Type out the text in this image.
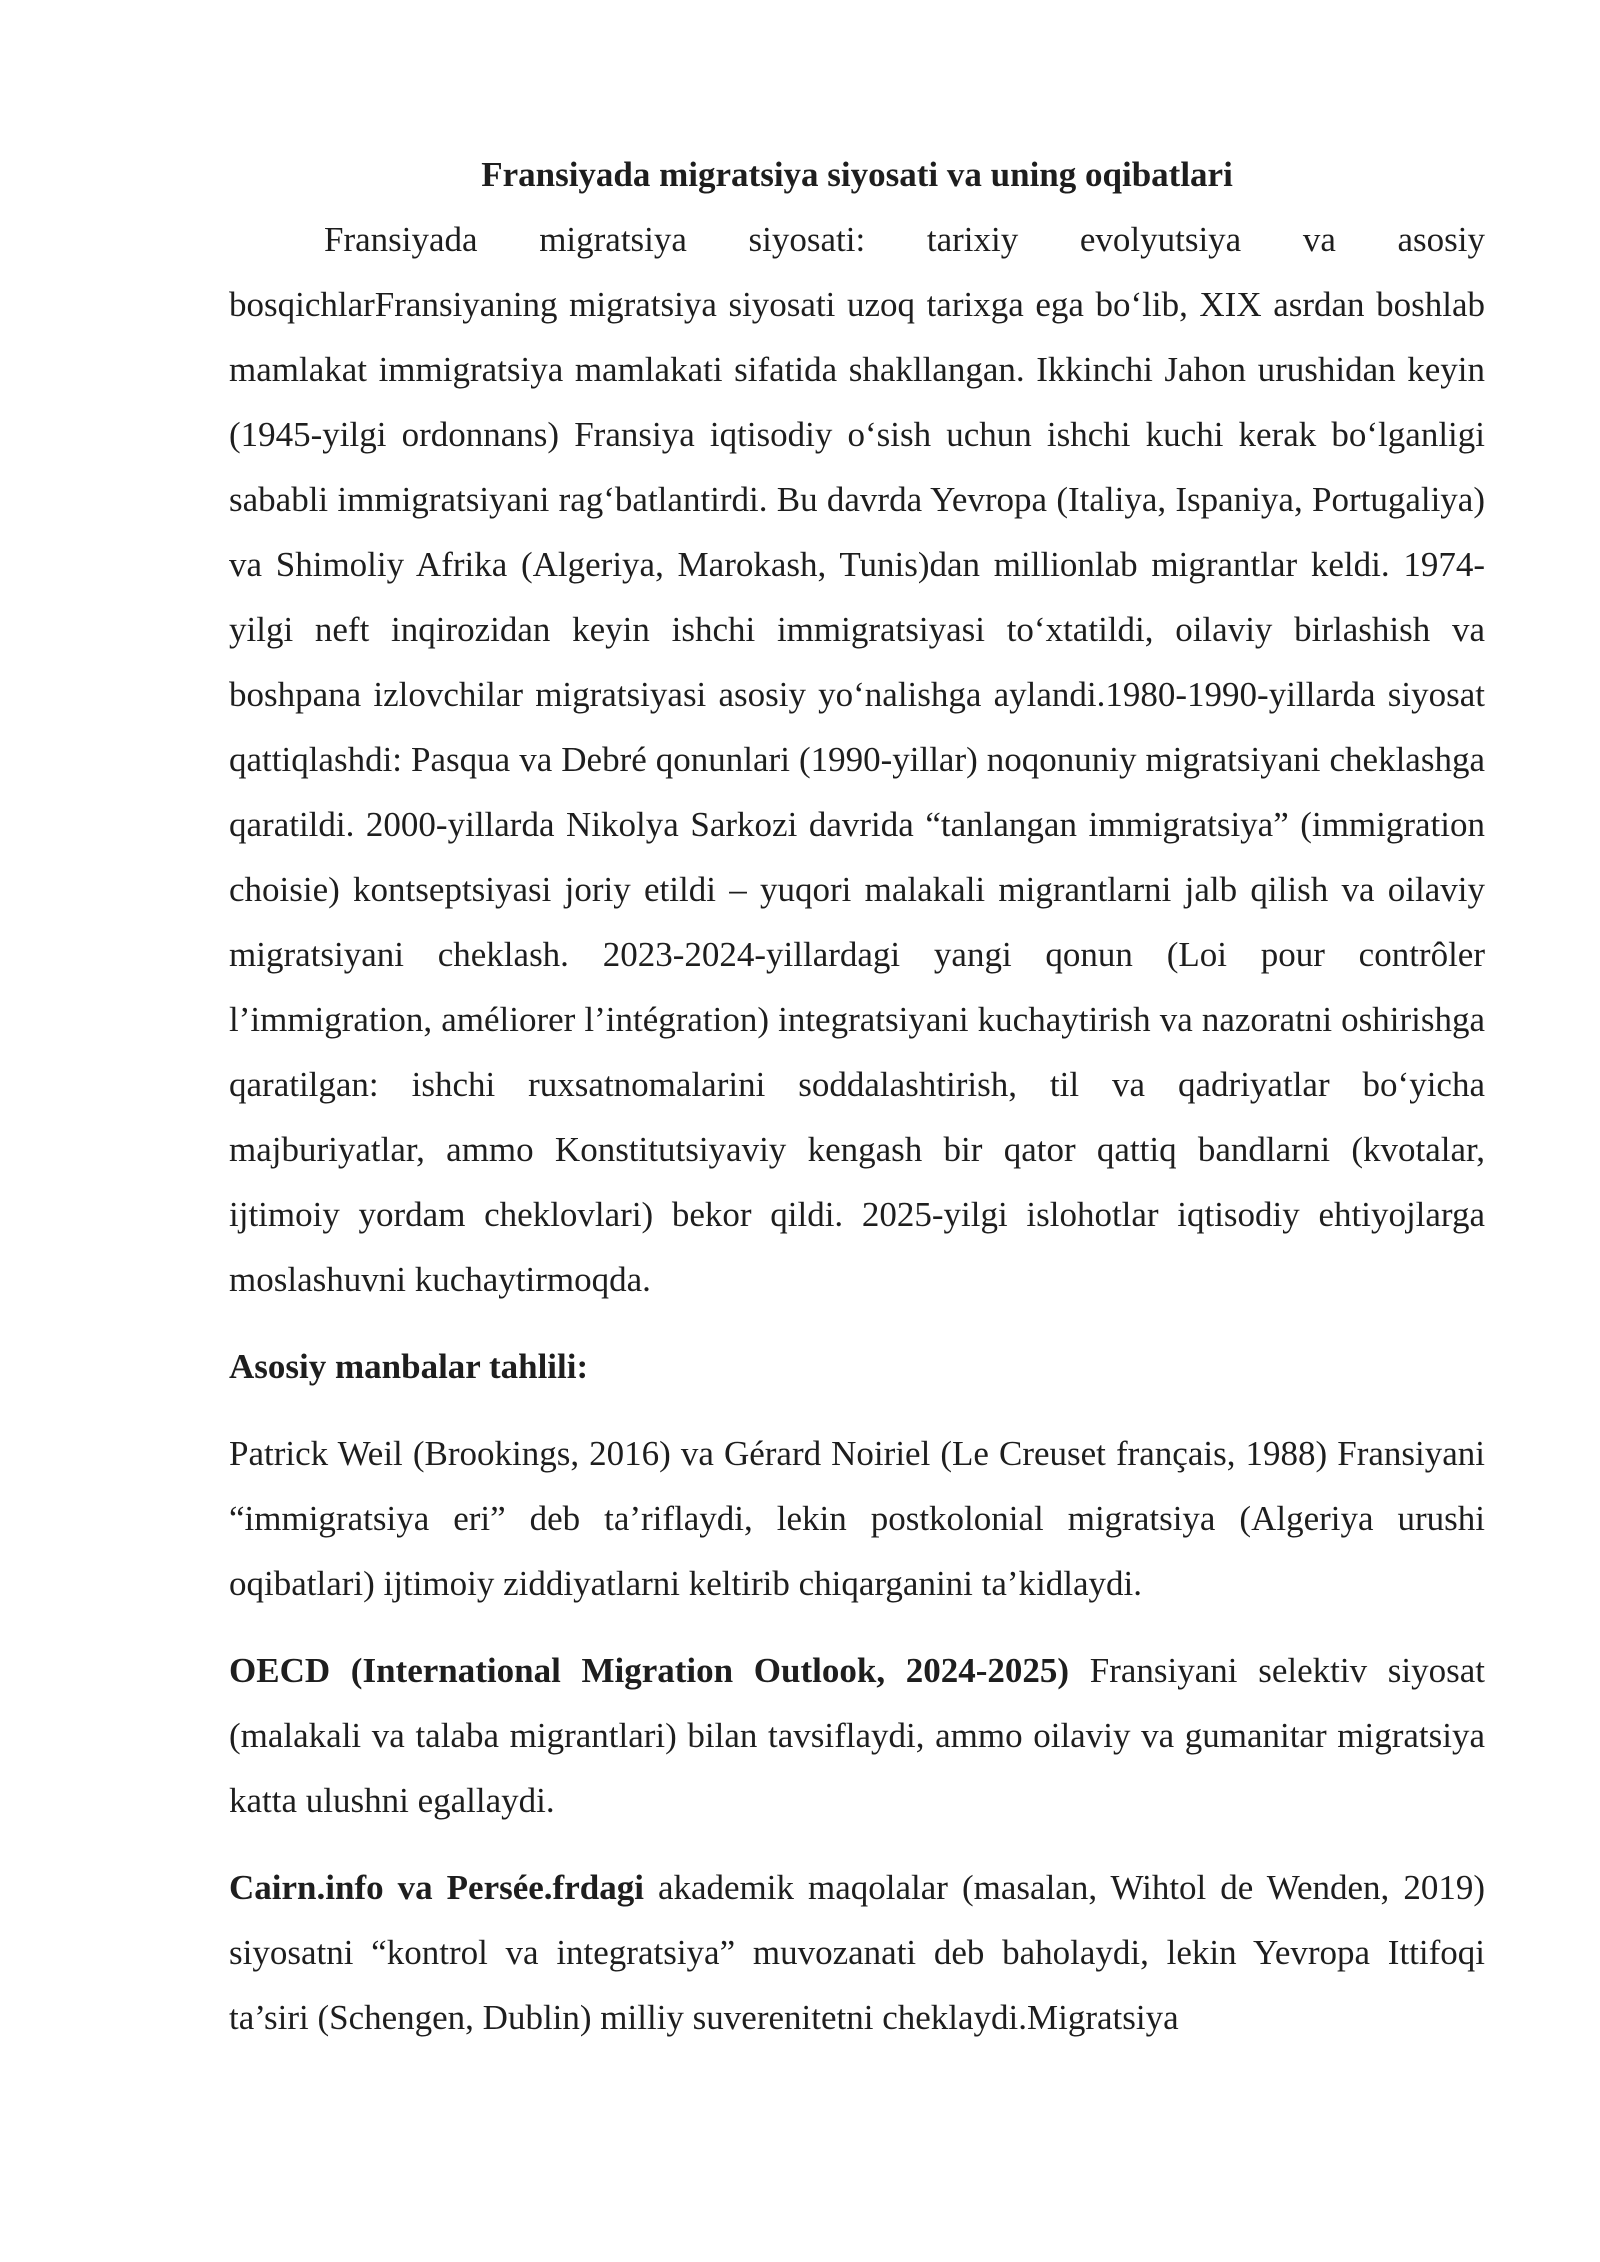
Fransiyada migratsiya siyosati va uning oqibatlari

Fransiyada migratsiya siyosati: tarixiy evolyutsiya va asosiy bosqichlarFransiyaning migratsiya siyosati uzoq tarixga ega bo‘lib, XIX asrdan boshlab mamlakat immigratsiya mamlakati sifatida shakllangan. Ikkinchi Jahon urushidan keyin (1945-yilgi ordonnans) Fransiya iqtisodiy o‘sish uchun ishchi kuchi kerak bo‘lganligi sababli immigratsiyani rag‘batlantirdi. Bu davrda Yevropa (Italiya, Ispaniya, Portugaliya) va Shimoliy Afrika (Algeriya, Marokash, Tunis)dan millionlab migrantlar keldi. 1974-yilgi neft inqirozidan keyin ishchi immigratsiyasi to‘xtatildi, oilaviy birlashish va boshpana izlovchilar migratsiyasi asosiy yo‘nalishga aylandi.1980-1990-yillarda siyosat qattiqlashdi: Pasqua va Debré qonunlari (1990-yillar) noqonuniy migratsiyani cheklashga qaratildi. 2000-yillarda Nikolya Sarkozi davrida “tanlangan immigratsiya” (immigration choisie) kontseptsiyasi joriy etildi – yuqori malakali migrantlarni jalb qilish va oilaviy migratsiyani cheklash. 2023-2024-yillardagi yangi qonun (Loi pour contrôler l’immigration, améliorer l’intégration) integratsiyani kuchaytirish va nazoratni oshirishga qaratilgan: ishchi ruxsatnomalarini soddalashtirish, til va qadriyatlar bo‘yicha majburiyatlar, ammo Konstitutsiyaviy kengash bir qator qattiq bandlarni (kvotalar, ijtimoiy yordam cheklovlari) bekor qildi. 2025-yilgi islohotlar iqtisodiy ehtiyojlarga moslashuvni kuchaytirmoqda.

Asosiy manbalar tahlili:

Patrick Weil (Brookings, 2016) va Gérard Noiriel (Le Creuset français, 1988) Fransiyani “immigratsiya eri” deb ta’riflaydi, lekin postkolonial migratsiya (Algeriya urushi oqibatlari) ijtimoiy ziddiyatlarni keltirib chiqarganini ta’kidlaydi.

OECD (International Migration Outlook, 2024-2025) Fransiyani selektiv siyosat (malakali va talaba migrantlari) bilan tavsiflaydi, ammo oilaviy va gumanitar migratsiya katta ulushni egallaydi.

Cairn.info va Persée.frdagi akademik maqolalar (masalan, Wihtol de Wenden, 2019) siyosatni “kontrol va integratsiya” muvozanati deb baholaydi, lekin Yevropa Ittifoqi ta’siri (Schengen, Dublin) milliy suverenitetni cheklaydi.Migratsiya
